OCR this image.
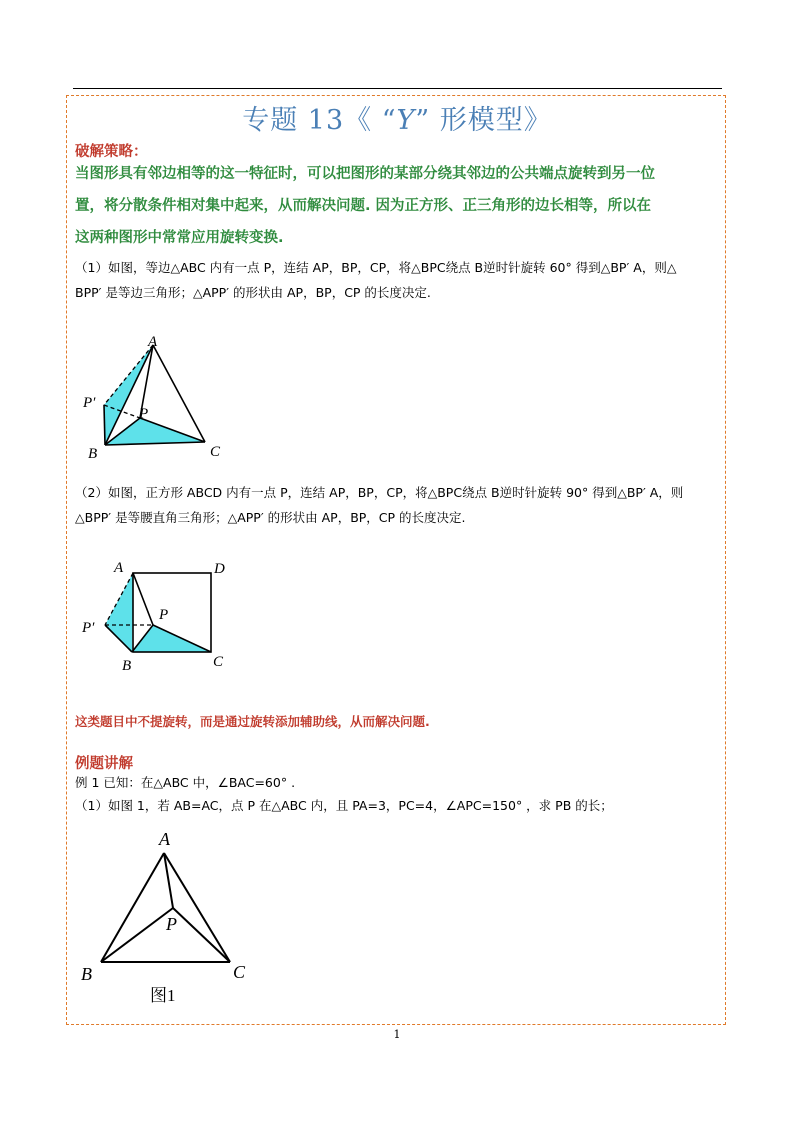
专题 13《 “Y” 形模型》
破解策略：
当图形具有邻边相等的这一特征时，可以把图形的某部分绕其邻边的公共端点旋转到另一位
置，将分散条件相对集中起来，从而解决问题. 因为正方形、正三角形的边长相等，所以在
这两种图形中常常应用旋转变换.
（1）如图，等边△ABC 内有一点 P，连结 AP，BP，CP，将△BPC绕点 B逆时针旋转 60° 得到△BP′ A，则△
BPP′ 是等边三角形；△APP′ 的形状由 AP，BP，CP 的长度决定.
A
P′
P
B	C
（2）如图，正方形 ABCD 内有一点 P，连结 AP，BP，CP，将△BPC绕点 B逆时针旋转 90° 得到△BP′ A，则
△BPP′ 是等腰直角三角形；△APP′ 的形状由 AP，BP，CP 的长度决定.
A	D
P
P′
B	C
这类题目中不提旋转，而是通过旋转添加辅助线，从而解决问题.
例题讲解
例 1 已知：在△ABC 中，∠BAC=60° .
（1）如图 1，若 AB=AC，点 P 在△ABC 内，且 PA=3，PC=4，∠APC=150° ，求 PB 的长；
A
P
B	C
图1
1
